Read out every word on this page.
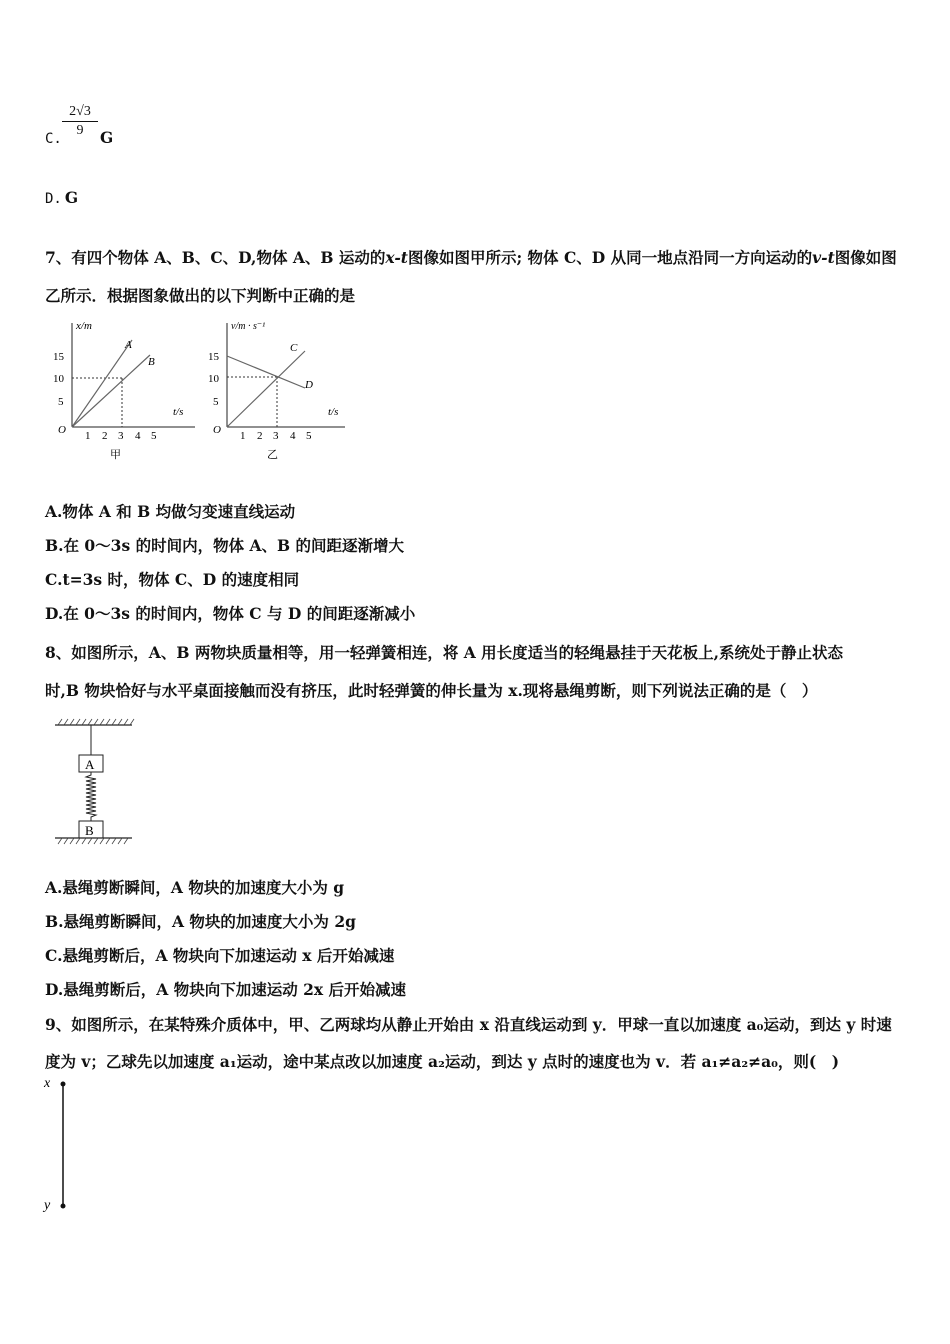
C. $\frac{2√3}{9}$ G
D. G
7、有四个物体 A、B、C、D,物体 A、B 运动的x-t图像如图甲所示; 物体 C、D 从同一地点沿同一方向运动的v-t图像如图
乙所示．根据图象做出的以下判断中正确的是
x/m
t/s
O
5
10
15
1 2 3 4 5
A
B
甲
v/m · s⁻¹
t/s
O
5
10
15
1 2 3 4 5
C
D
乙
A.物体 A 和 B 均做匀变速直线运动
B.在 0～3s 的时间内，物体 A、B 的间距逐渐增大
C.t=3s 时，物体 C、D 的速度相同
D.在 0～3s 的时间内，物体 C 与 D 的间距逐渐减小
8、如图所示，A、B 两物块质量相等，用一轻弹簧相连，将 A 用长度适当的轻绳悬挂于天花板上,系统处于静止状态
时,B 物块恰好与水平桌面接触而没有挤压，此时轻弹簧的伸长量为 x.现将悬绳剪断，则下列说法正确的是（　）
A
B
A.悬绳剪断瞬间，A 物块的加速度大小为 g
B.悬绳剪断瞬间，A 物块的加速度大小为 2g
C.悬绳剪断后，A 物块向下加速运动 x 后开始减速
D.悬绳剪断后，A 物块向下加速运动 2x 后开始减速
9、如图所示，在某特殊介质体中，甲、乙两球均从静止开始由 x 沿直线运动到 y．甲球一直以加速度 a₀运动，到达 y 时速
度为 v；乙球先以加速度 a₁运动，途中某点改以加速度 a₂运动，到达 y 点时的速度也为 v．若 a₁≠a₂≠a₀，则(　)
x
y
